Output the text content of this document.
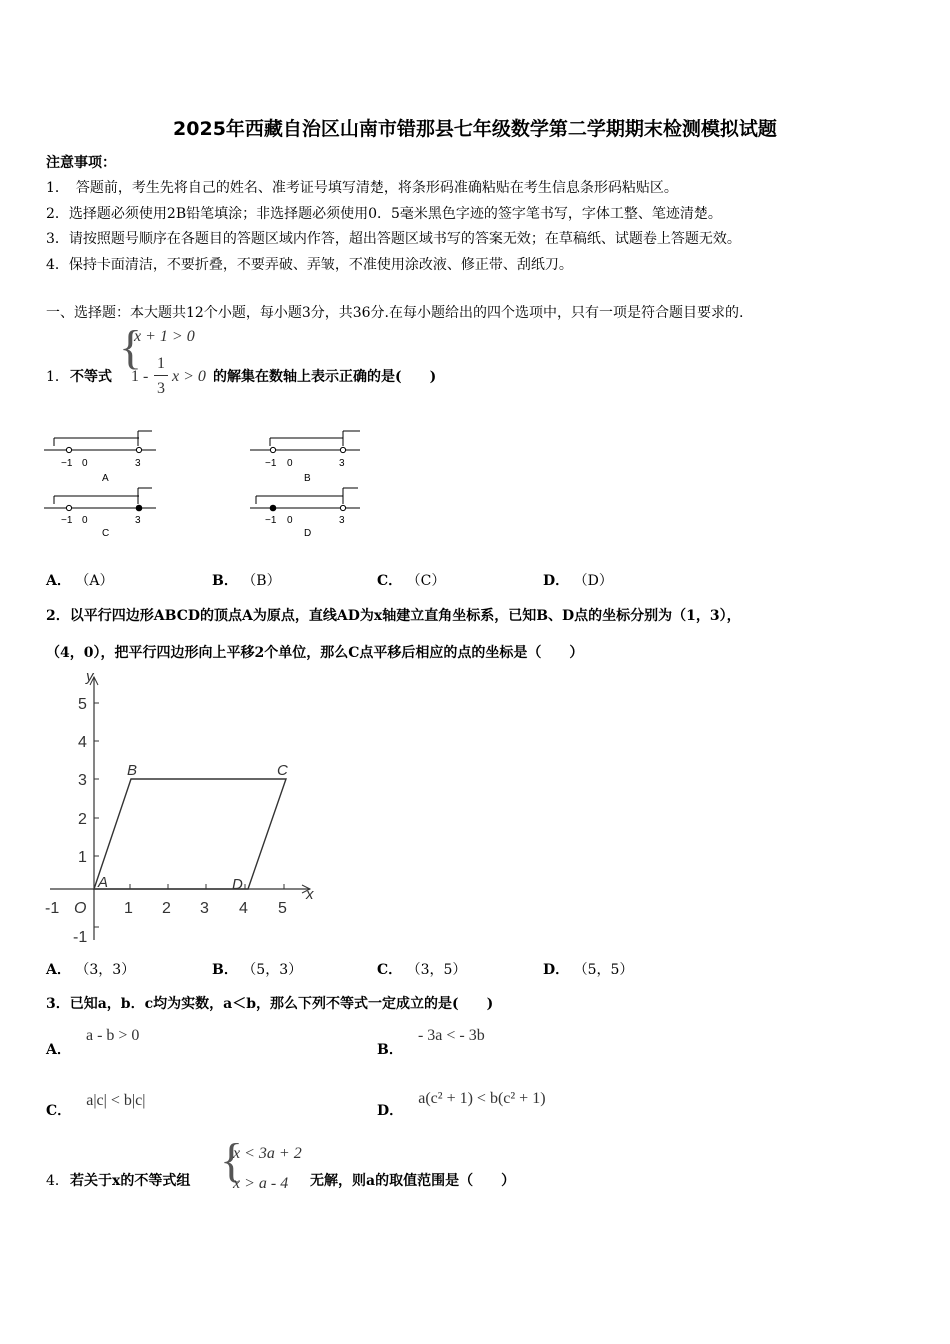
2025年西藏自治区山南市错那县七年级数学第二学期期末检测模拟试题
注意事项：
1．　答题前，考生先将自己的姓名、准考证号填写清楚，将条形码准确粘贴在考生信息条形码粘贴区。
2．选择题必须使用2B铅笔填涂；非选择题必须使用0．5毫米黑色字迹的签字笔书写，字体工整、笔迹清楚。
3．请按照题号顺序在各题目的答题区域内作答，超出答题区域书写的答案无效；在草稿纸、试题卷上答题无效。
4．保持卡面清洁，不要折叠，不要弄破、弄皱，不准使用涂改液、修正带、刮纸刀。
一、选择题：本大题共12个小题，每小题3分，共36分.在每小题给出的四个选项中，只有一项是符合题目要求的.
1． 不等式
{
x + 1 > 0
1 -
1
3
x > 0 的解集在数轴上表示正确的是(　　)
−1 0	3
A
−1 0	3
B
−1 0	3
C
−1 0	3
D
A． （A）	B． （B）	C． （C）	D． （D）
2．以平行四边形ABCD的顶点A为原点，直线AD为x轴建立直角坐标系，已知B、D点的坐标分别为（1，3），
（4，0），把平行四边形向上平移2个单位，那么C点平移后相应的点的坐标是（　　）
y
x
O
-1	1 2 3 4 5
5
4
3
2
1
-1
A
B	C
D
A． （3，3）	B． （5，3）	C． （3，5）	D． （5，5）
3．已知a，b．c均为实数，a＜b，那么下列不等式一定成立的是(　　)
A． a - b > 0
B． - 3a < - 3b
C． a|c| < b|c|
D． a(c² + 1) < b(c² + 1)
4． 若关于x的不等式组 {
x < 3a + 2
x > a - 4 无解，则a的取值范围是（　　）
